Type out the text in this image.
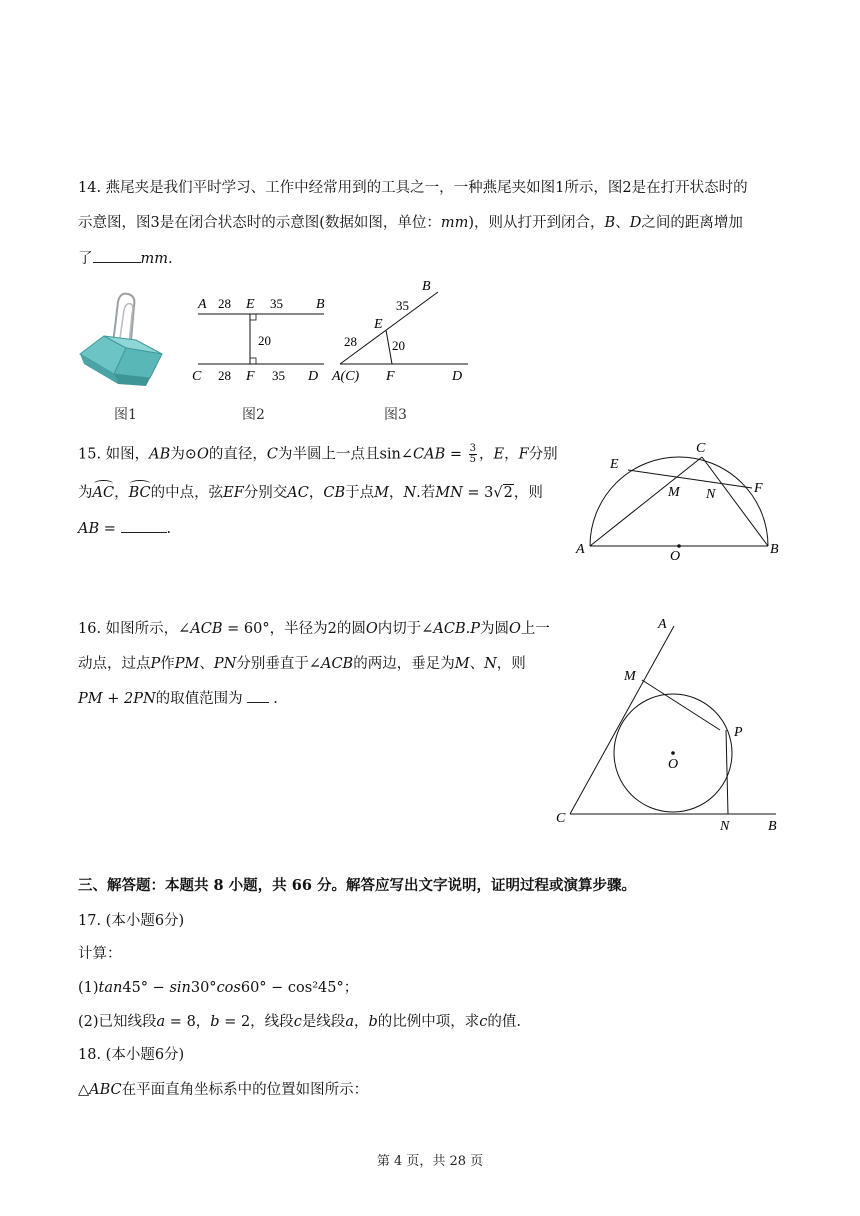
14. 燕尾夹是我们平时学习、工作中经常用到的工具之一，一种燕尾夹如图1所示，图2是在打开状态时的
示意图，图3是在闭合状态时的示意图(数据如图，单位：mm)，则从打开到闭合，B、D之间的距离增加
了	mm.
图1
A 28 E 35 B
20
C 28 F 35 D
图2
B
35
E
28	20
A(C) F	D
图3
15. 如图，AB为⊙O的直径，C为半圆上一点且sin∠CAB = $\frac{3}{5}$ ，E，F分别
为AC，BC的中点，弦EF分别交AC，CB于点M，N.若MN = 3√2，则
AB =	.
E
C
F
M N
A	O	B
16. 如图所示，∠ACB = 60°，半径为2的圆O内切于∠ACB.P为圆O上一
动点，过点P作PM、PN分别垂直于∠ACB的两边，垂足为M、N，则
PM + 2PN的取值范围为 .
A
M
P
O
C
N	B
三、解答题：本题共 8 小题，共 66 分。解答应写出文字说明，证明过程或演算步骤。
17. (本小题6分)
计算：
(1)tan45° − sin30°cos60° − cos²45°；
(2)已知线段a = 8，b = 2，线段c是线段a，b的比例中项，求c的值.
18. (本小题6分)
△ABC在平面直角坐标系中的位置如图所示：
第 4 页，共 28 页
